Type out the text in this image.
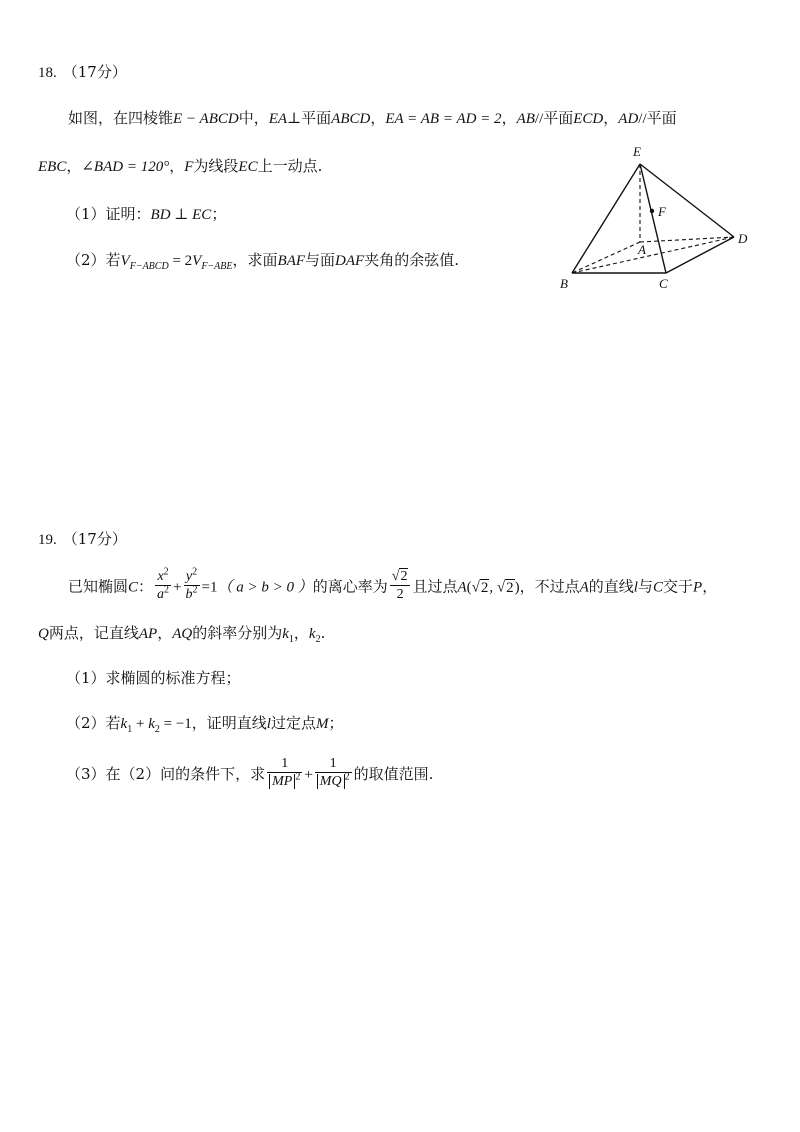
18. （17分）
如图，在四棱锥E − ABCD中，EA⊥平面ABCD，EA = AB = AD = 2，AB//平面ECD，AD//平面
EBC，∠BAD = 120°，F为线段EC上一动点.
（1）证明：BD ⊥ EC；
（2）若$V_{F-ABCD} = 2V_{F-ABE}$，求面BAF与面DAF夹角的余弦值.
E
F
A
D
B	C
19. （17分）
已知椭圆C： $\frac{x^2}{a^2} + \frac{y^2}{b^2} =1$（ a > b > 0 ）的离心率为 $\frac{√2}{2}$ 且过点A(√2, √2)，不过点A的直线l与C交于P，
Q两点，记直线AP，AQ的斜率分别为$k_1$，$k_2$.
（1）求椭圆的标准方程；
（2）若$k_1 + k_2 = -1$，证明直线l过定点M；
（3）在（2）问的条件下，求 $\frac{1}{MP ^2} + \frac{1}{MQ ^2}$ 的取值范围.
